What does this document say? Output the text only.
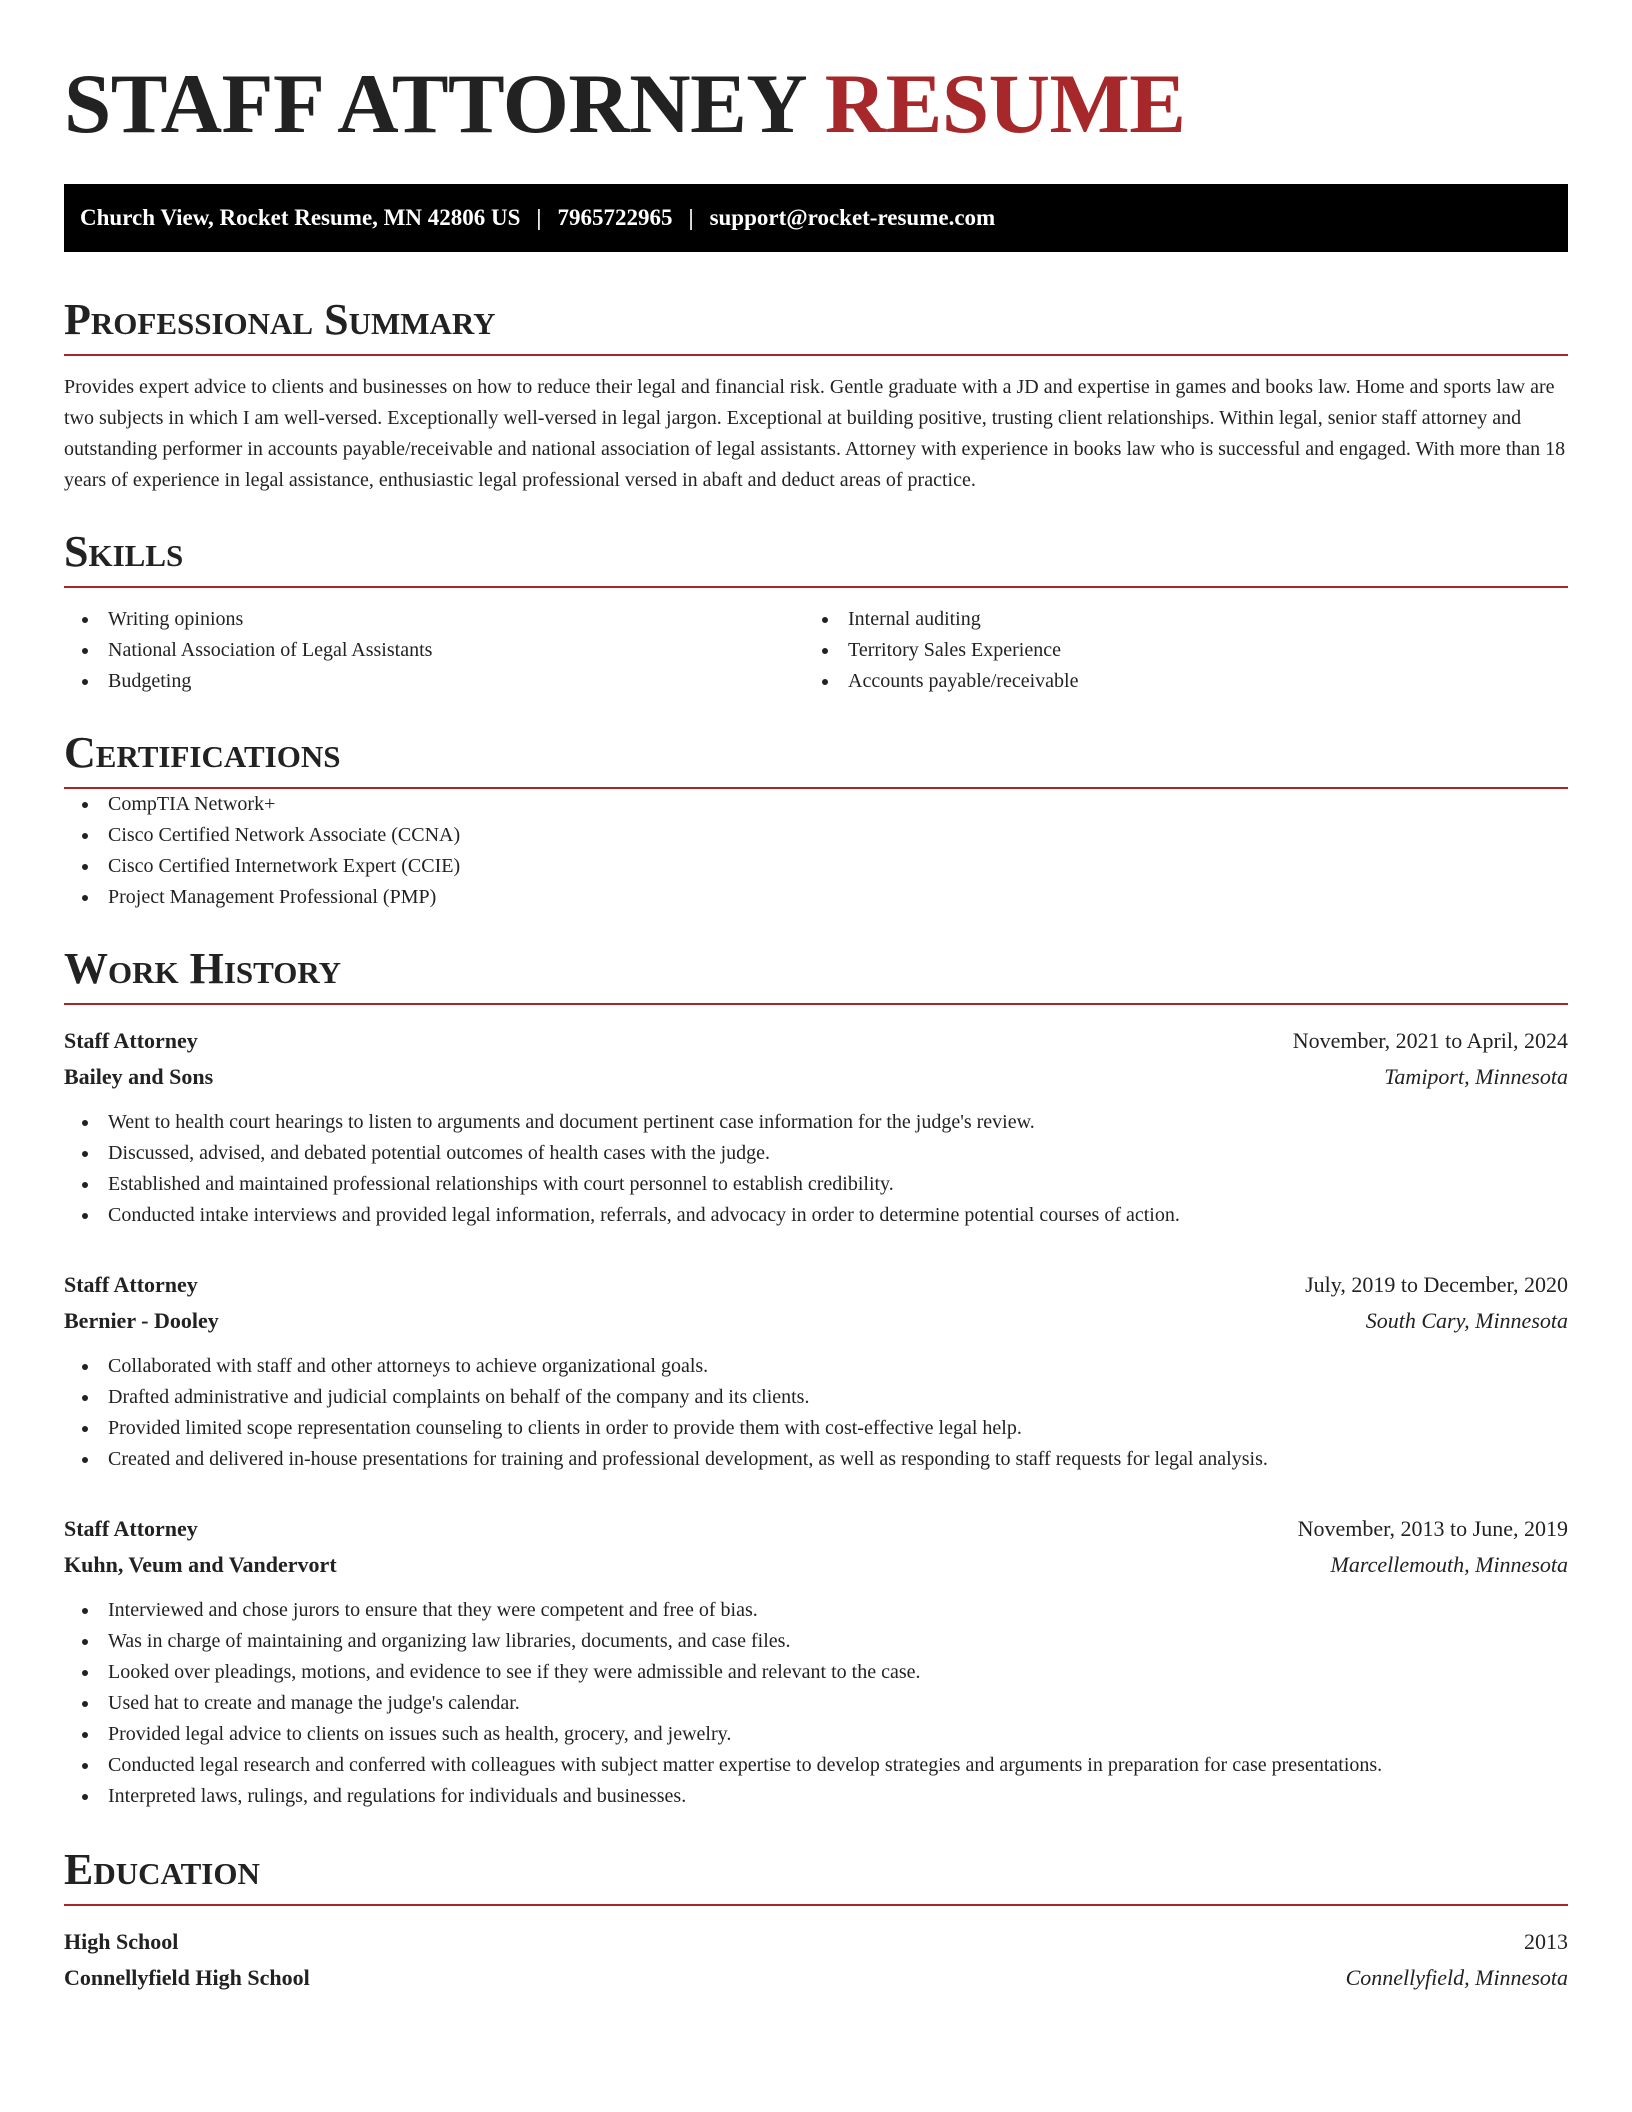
STAFF ATTORNEY RESUME
Church View, Rocket Resume, MN 42806 US | 7965722965 | support@rocket-resume.com
Professional Summary

Provides expert advice to clients and businesses on how to reduce their legal and financial risk. Gentle graduate with a JD and expertise in games and books law. Home and sports law are two subjects in which I am well-versed. Exceptionally well-versed in legal jargon. Exceptional at building positive, trusting client relationships. Within legal, senior staff attorney and outstanding performer in accounts payable/receivable and national association of legal assistants. Attorney with experience in books law who is successful and engaged. With more than 18 years of experience in legal assistance, enthusiastic legal professional versed in abaft and deduct areas of practice.

Skills
Writing opinions
National Association of Legal Assistants
Budgeting
Internal auditing
Territory Sales Experience
Accounts payable/receivable
Certifications
CompTIA Network+
Cisco Certified Network Associate (CCNA)
Cisco Certified Internetwork Expert (CCIE)
Project Management Professional (PMP)
Work History
Staff Attorney	November, 2021 to April, 2024
Bailey and Sons	Tamiport, Minnesota
Went to health court hearings to listen to arguments and document pertinent case information for the judge's review.
Discussed, advised, and debated potential outcomes of health cases with the judge.
Established and maintained professional relationships with court personnel to establish credibility.
Conducted intake interviews and provided legal information, referrals, and advocacy in order to determine potential courses of action.
Staff Attorney	July, 2019 to December, 2020
Bernier - Dooley	South Cary, Minnesota
Collaborated with staff and other attorneys to achieve organizational goals.
Drafted administrative and judicial complaints on behalf of the company and its clients.
Provided limited scope representation counseling to clients in order to provide them with cost-effective legal help.
Created and delivered in-house presentations for training and professional development, as well as responding to staff requests for legal analysis.
Staff Attorney	November, 2013 to June, 2019
Kuhn, Veum and Vandervort	Marcellemouth, Minnesota
Interviewed and chose jurors to ensure that they were competent and free of bias.
Was in charge of maintaining and organizing law libraries, documents, and case files.
Looked over pleadings, motions, and evidence to see if they were admissible and relevant to the case.
Used hat to create and manage the judge's calendar.
Provided legal advice to clients on issues such as health, grocery, and jewelry.
Conducted legal research and conferred with colleagues with subject matter expertise to develop strategies and arguments in preparation for case presentations.
Interpreted laws, rulings, and regulations for individuals and businesses.
Education
High School	2013
Connellyfield High School	Connellyfield, Minnesota
